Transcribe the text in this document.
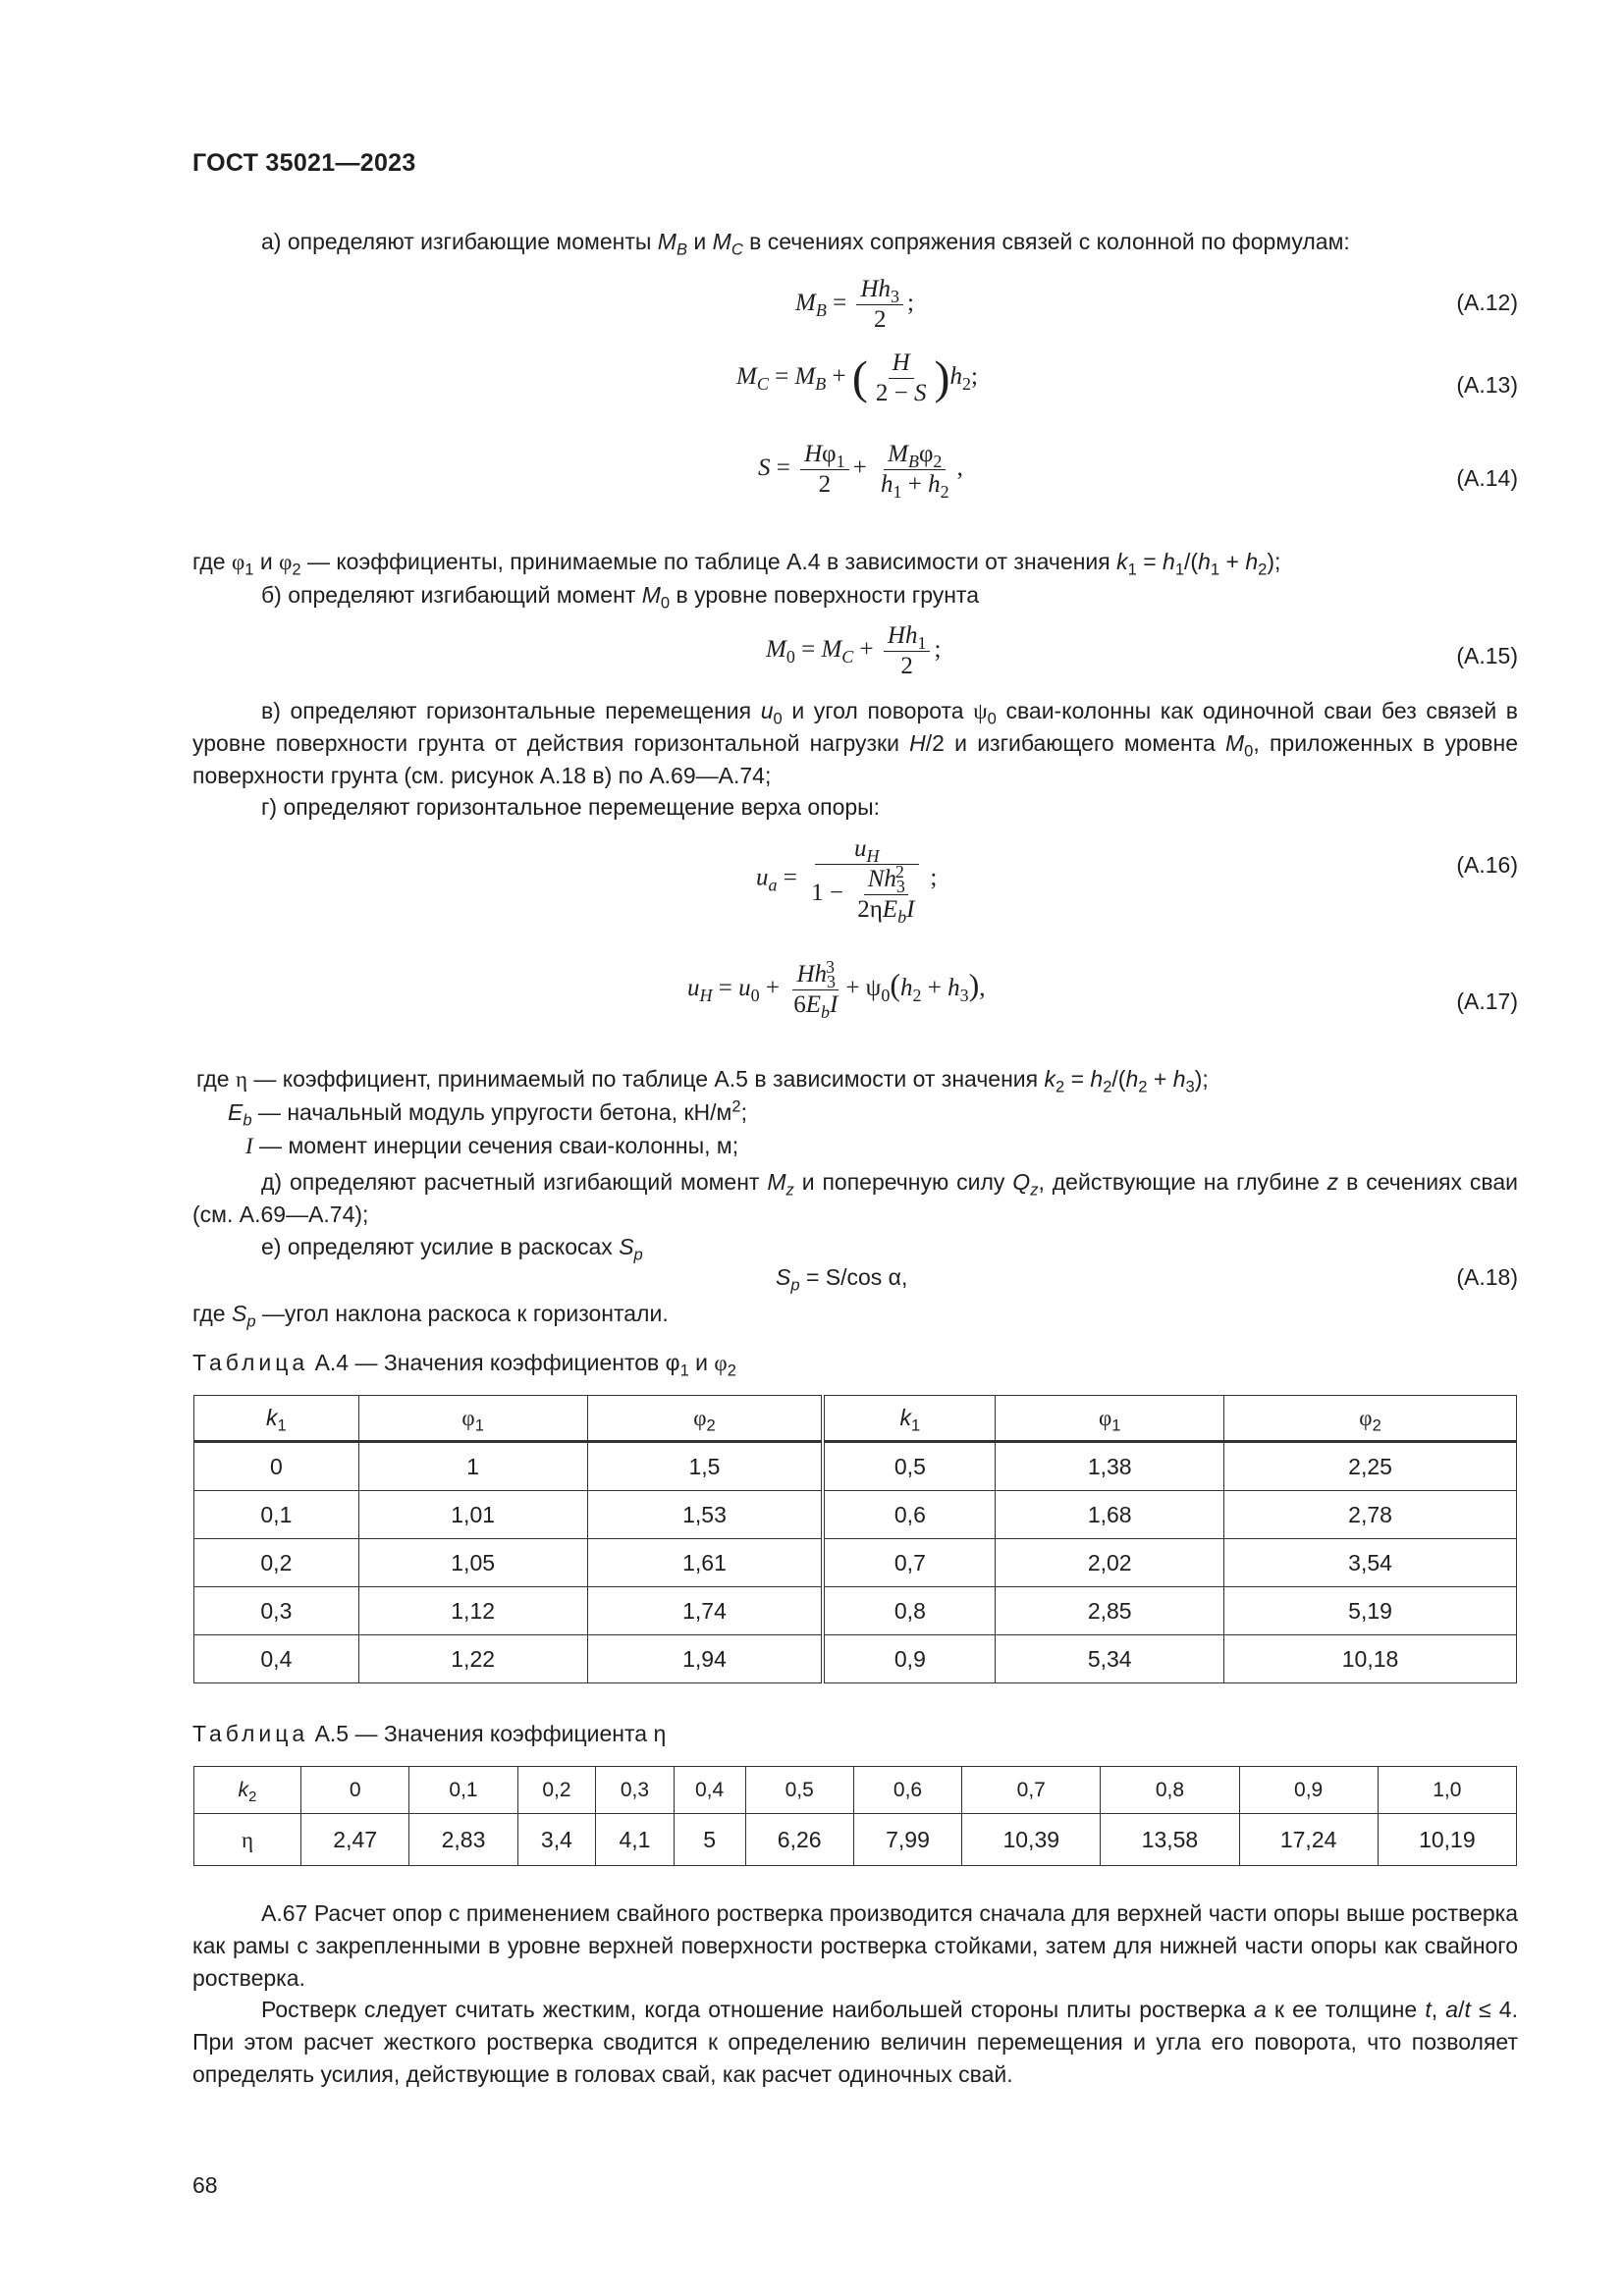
ГОСТ 35021—2023
а) определяют изгибающие моменты $M_B$ и $M_C$ в сечениях сопряжения связей с колонной по формулам:
$M_B = \frac{Hh_3}{2}$ ;	(А.12)
$M_C = M_B$ + ( $\frac{H}{2 - S} )h_2$;	(А.13)
$S = \frac{H\varphi_1}{2} + \frac{M_B\varphi_2}{h_1 + h_2}$ ,	(А.14)
где $\varphi_1$ и $\varphi_2$ — коэффициенты, принимаемые по таблице А.4 в зависимости от значения $k_1 = h_1/(h_1 + h_2)$;
б) определяют изгибающий момент $M_0$ в уровне поверхности грунта
$M_0 = M_C + \frac{Hh_1}{2}$ ;	(А.15)
в) определяют горизонтальные перемещения $u_0$ и угол поворота $\psi_0$ сваи-колонны как одиночной сваи без связей в уровне поверхности грунта от действия горизонтальной нагрузки H/2 и изгибающего момента $M_0$, приложенных в уровне поверхности грунта (см. рисунок А.18 в) по А.69—А.74;
г) определяют горизонтальное перемещение верха опоры:
$u_a = \frac{u_H}{1 - \frac{Nh_3^2}{2\eta E_bI}}$ ;	(А.16)
$u_H = u_0 + \frac{Hh_3^3}{6E_bI} + \psi_0(h_2 + h_3)$,	(А.17)
где η — коэффициент, принимаемый по таблице А.5 в зависимости от значения $k_2 = h_2/(h_2 + h_3)$;
$E_b$ — начальный модуль упругости бетона, $кН/м^2$;
I — момент инерции сечения сваи-колонны, м;
д) определяют расчетный изгибающий момент $M_z$ и поперечную силу $Q_z$, действующие на глубине z в сечениях сваи (см. А.69—А.74);
е) определяют усилие в раскосах $S_p$
$S_p = S/\cos$ α,	(А.18)
где $S_p$ —угол наклона раскоса к горизонтали.
Таблица А.4 — Значения коэффициентов $\varphi_1$ и $\varphi_2$
$k_1$	$\varphi_1$	$\varphi_2$	$k_1$	$\varphi_1$	$\varphi_2$
0	1	1,5	0,5	1,38	2,25
0,1	1,01	1,53	0,6	1,68	2,78
0,2	1,05	1,61	0,7	2,02	3,54
0,3	1,12	1,74	0,8	2,85	5,19
0,4	1,22	1,94	0,9	5,34	10,18
Таблица А.5 — Значения коэффициента η
$k_2$	0	0,1	0,2	0,3	0,4	0,5	0,6	0,7	0,8	0,9	1,0
η	2,47	2,83	3,4	4,1	5	6,26	7,99	10,39	13,58	17,24	10,19
А.67 Расчет опор с применением свайного ростверка производится сначала для верхней части опоры выше ростверка как рамы с закрепленными в уровне верхней поверхности ростверка стойками, затем для нижней части опоры как свайного ростверка.
Ростверк следует считать жестким, когда отношение наибольшей стороны плиты ростверка a к ее толщине t, a/t ≤ 4. При этом расчет жесткого ростверка сводится к определению величин перемещения и угла его поворота, что позволяет определять усилия, действующие в головах свай, как расчет одиночных свай.
68
